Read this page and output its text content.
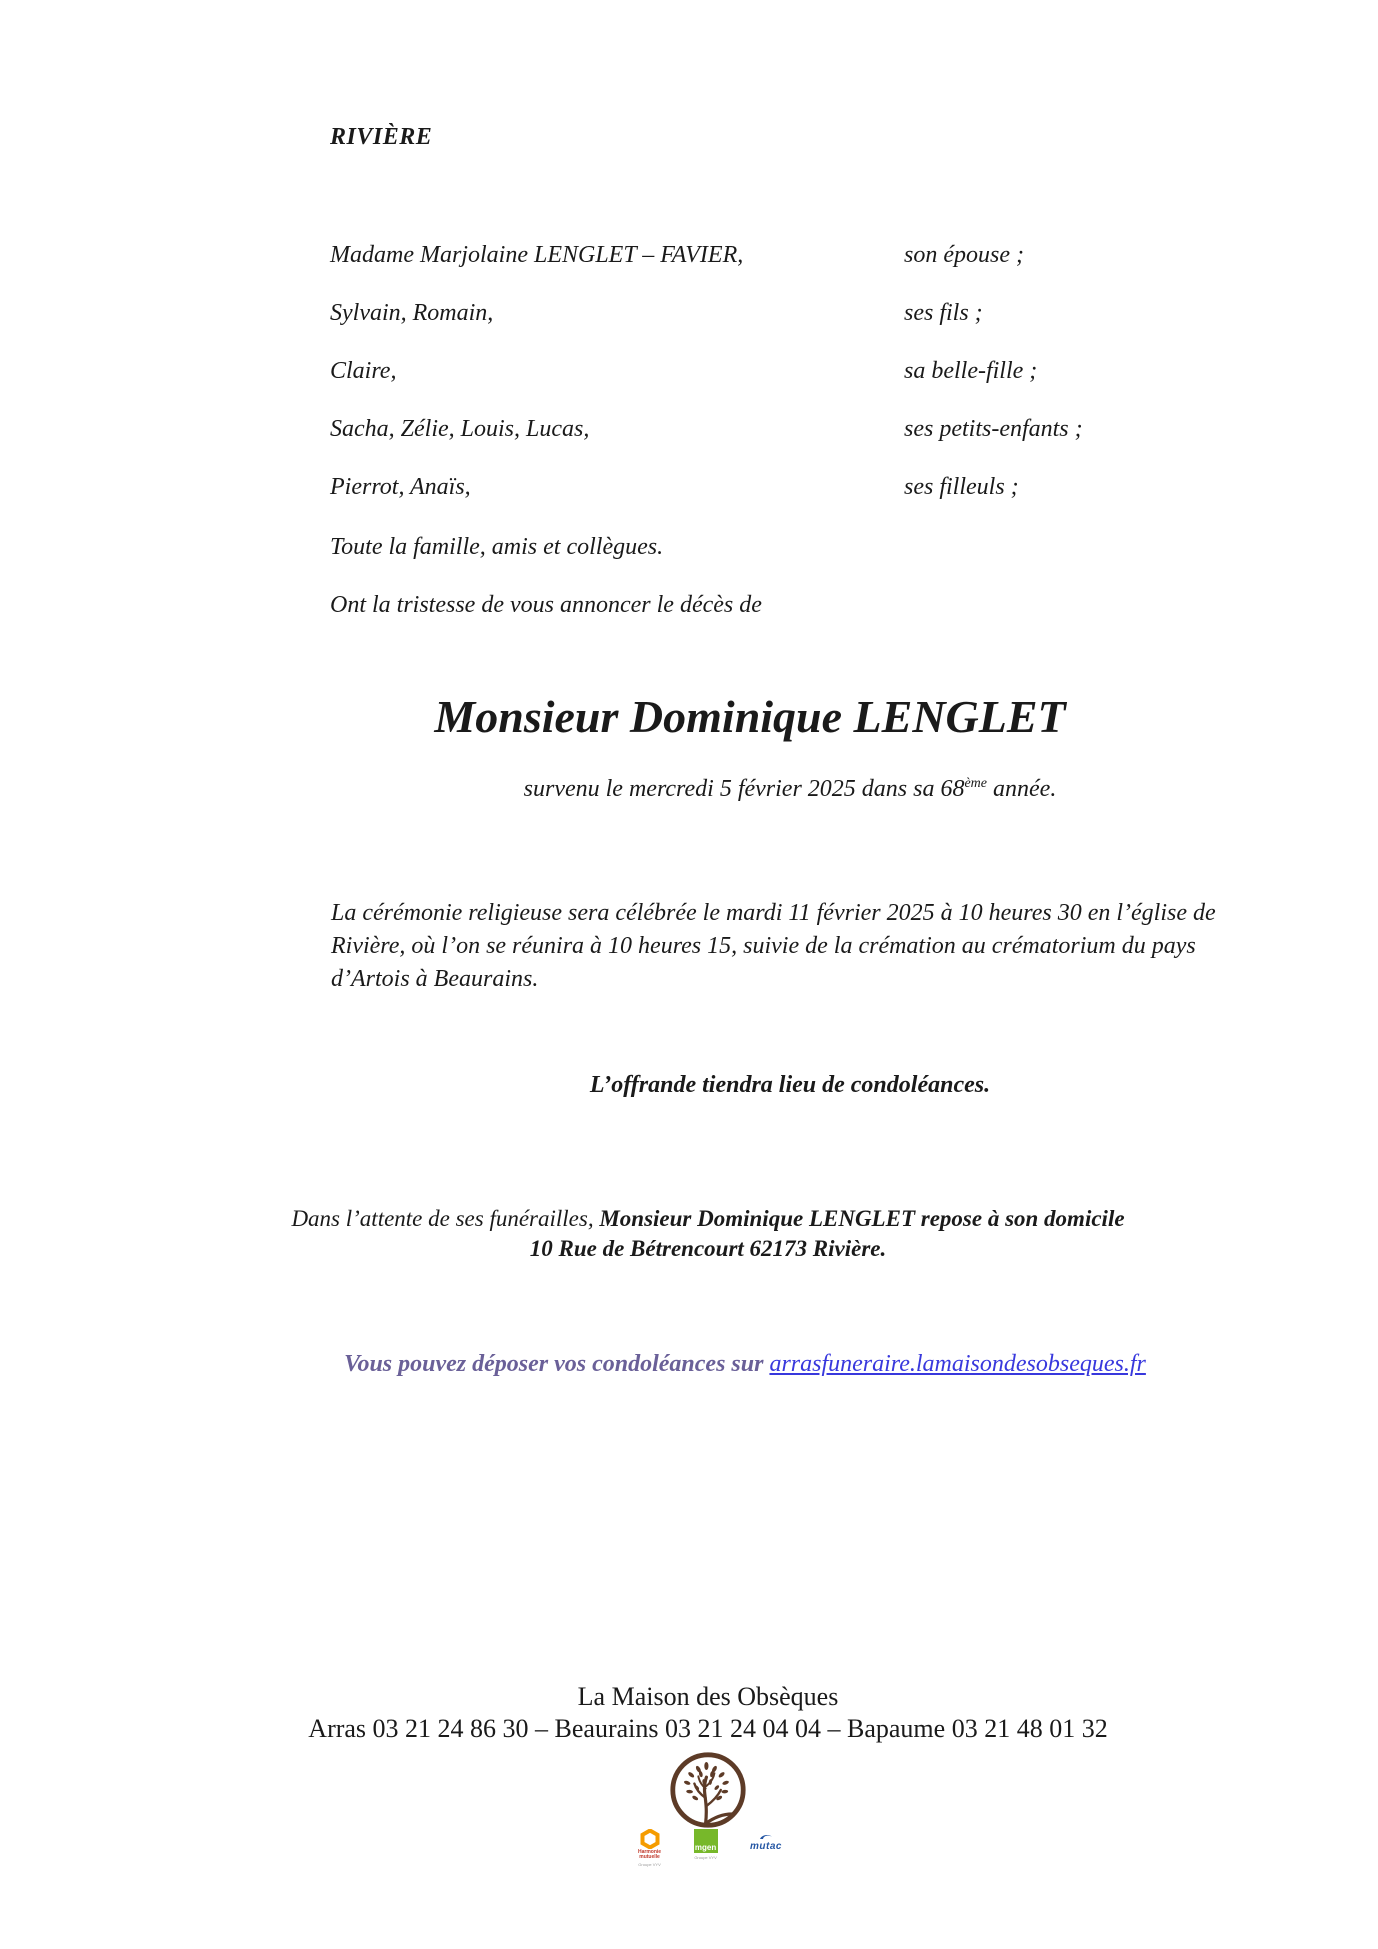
RIVIÈRE
Madame Marjolaine LENGLET – FAVIER,	son épouse ;
Sylvain, Romain,	ses fils ;
Claire,	sa belle-fille ;
Sacha, Zélie, Louis, Lucas,	ses petits-enfants ;
Pierrot, Anaïs,	ses filleuls ;
Toute la famille, amis et collègues.
Ont la tristesse de vous annoncer le décès de
Monsieur Dominique LENGLET
survenu le mercredi 5 février 2025 dans sa 68ème année.

La cérémonie religieuse sera célébrée le mardi 11 février 2025 à 10 heures 30 en l’église de Rivière, où l’on se réunira à 10 heures 15, suivie de la crémation au crématorium du pays d’Artois à Beaurains.

L’offrande tiendra lieu de condoléances.
Dans l’attente de ses funérailles, Monsieur Dominique LENGLET repose à son domicile
10 Rue de Bétrencourt 62173 Rivière.
Vous pouvez déposer vos condoléances sur arrasfuneraire.lamaisondesobseques.fr
La Maison des Obsèques
Arras 03 21 24 86 30 – Beaurains 03 21 24 04 04 – Bapaume 03 21 48 01 32
Harmonie
mutuelle
Groupe VYV
mgen
Groupe VYV
mutac
